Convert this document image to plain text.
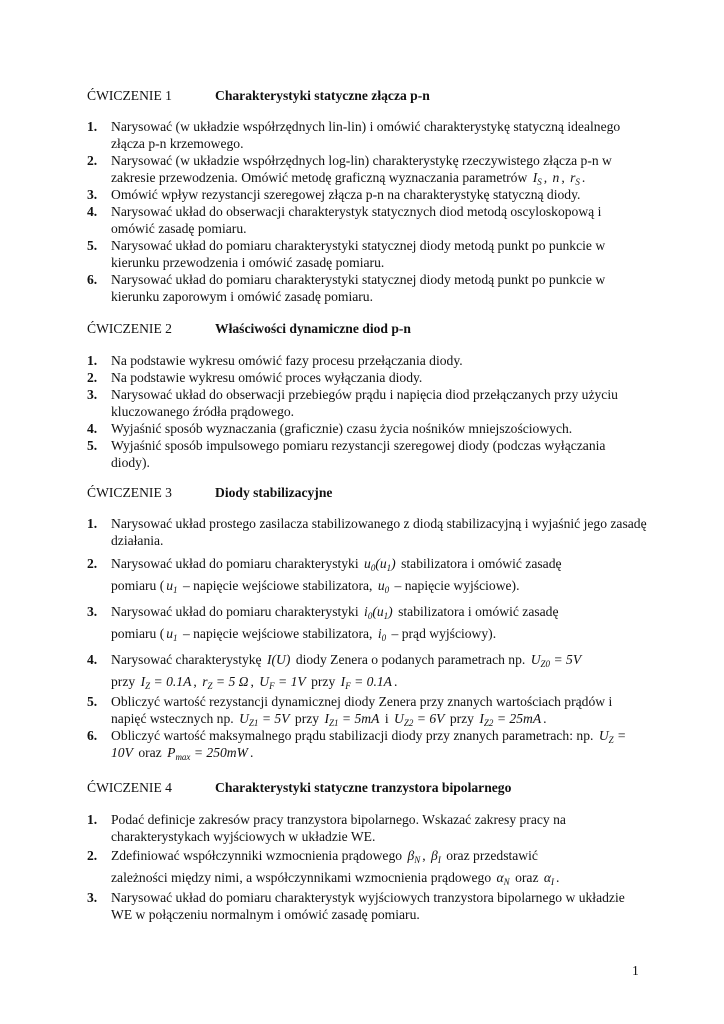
ĆWICZENIE 1	Charakterystyki statyczne złącza p-n
1. Narysować (w układzie współrzędnych lin-lin) i omówić charakterystykę statyczną idealnego złącza p-n krzemowego.
2. Narysować (w układzie współrzędnych log-lin) charakterystykę rzeczywistego złącza p-n w zakresie przewodzenia. Omówić metodę graficzną wyznaczania parametrów $I_S$ , n , $r_S$ .
3. Omówić wpływ rezystancji szeregowej złącza p-n na charakterystykę statyczną diody.
4. Narysować układ do obserwacji charakterystyk statycznych diod metodą oscyloskopową i omówić zasadę pomiaru.
5. Narysować układ do pomiaru charakterystyki statycznej diody metodą punkt po punkcie w kierunku przewodzenia i omówić zasadę pomiaru.
6. Narysować układ do pomiaru charakterystyki statycznej diody metodą punkt po punkcie w kierunku zaporowym i omówić zasadę pomiaru.
ĆWICZENIE 2	Właściwości dynamiczne diod p-n
1. Na podstawie wykresu omówić fazy procesu przełączania diody.
2. Na podstawie wykresu omówić proces wyłączania diody.
3. Narysować układ do obserwacji przebiegów prądu i napięcia diod przełączanych przy użyciu kluczowanego źródła prądowego.
4. Wyjaśnić sposób wyznaczania (graficznie) czasu życia nośników mniejszościowych.
5. Wyjaśnić sposób impulsowego pomiaru rezystancji szeregowej diody (podczas wyłączania diody).
ĆWICZENIE 3	Diody stabilizacyjne
1. Narysować układ prostego zasilacza stabilizowanego z diodą stabilizacyjną i wyjaśnić jego zasadę działania.
2. Narysować układ do pomiaru charakterystyki $u_0(u_1)$ stabilizatora i omówić zasadę
pomiaru ( $u_1$ – napięcie wejściowe stabilizatora, $u_0$ – napięcie wyjściowe).
3. Narysować układ do pomiaru charakterystyki $i_0(u_1)$ stabilizatora i omówić zasadę
pomiaru ( $u_1$ – napięcie wejściowe stabilizatora, $i_0$ – prąd wyjściowy).
4. Narysować charakterystykę I(U) diody Zenera o podanych parametrach np. $U_{Z0} = 5V$
przy $I_Z = 0.1A$ , $r_Z = 5$ Ω , $U_F = 1V$ przy $I_F = 0.1A$ .
5. Obliczyć wartość rezystancji dynamicznej diody Zenera przy znanych wartościach prądów i napięć wstecznych np. $U_{Z1} = 5V$ przy $I_{Z1} = 5mA$ i $U_{Z2} = 6V$ przy $I_{Z2} = 25mA$ .
6. Obliczyć wartość maksymalnego prądu stabilizacji diody przy znanych parametrach: np. $U_Z = 10V$ oraz $P_{max} = 250mW$ .
ĆWICZENIE 4	Charakterystyki statyczne tranzystora bipolarnego
1. Podać definicje zakresów pracy tranzystora bipolarnego. Wskazać zakresy pracy na charakterystykach wyjściowych w układzie WE.
2. Zdefiniować współczynniki wzmocnienia prądowego $\beta_N$ , $\beta_I$ oraz przedstawić
zależności między nimi, a współczynnikami wzmocnienia prądowego $\alpha_N$ oraz $\alpha_I$ .
3. Narysować układ do pomiaru charakterystyk wyjściowych tranzystora bipolarnego w układzie WE w połączeniu normalnym i omówić zasadę pomiaru.
1
